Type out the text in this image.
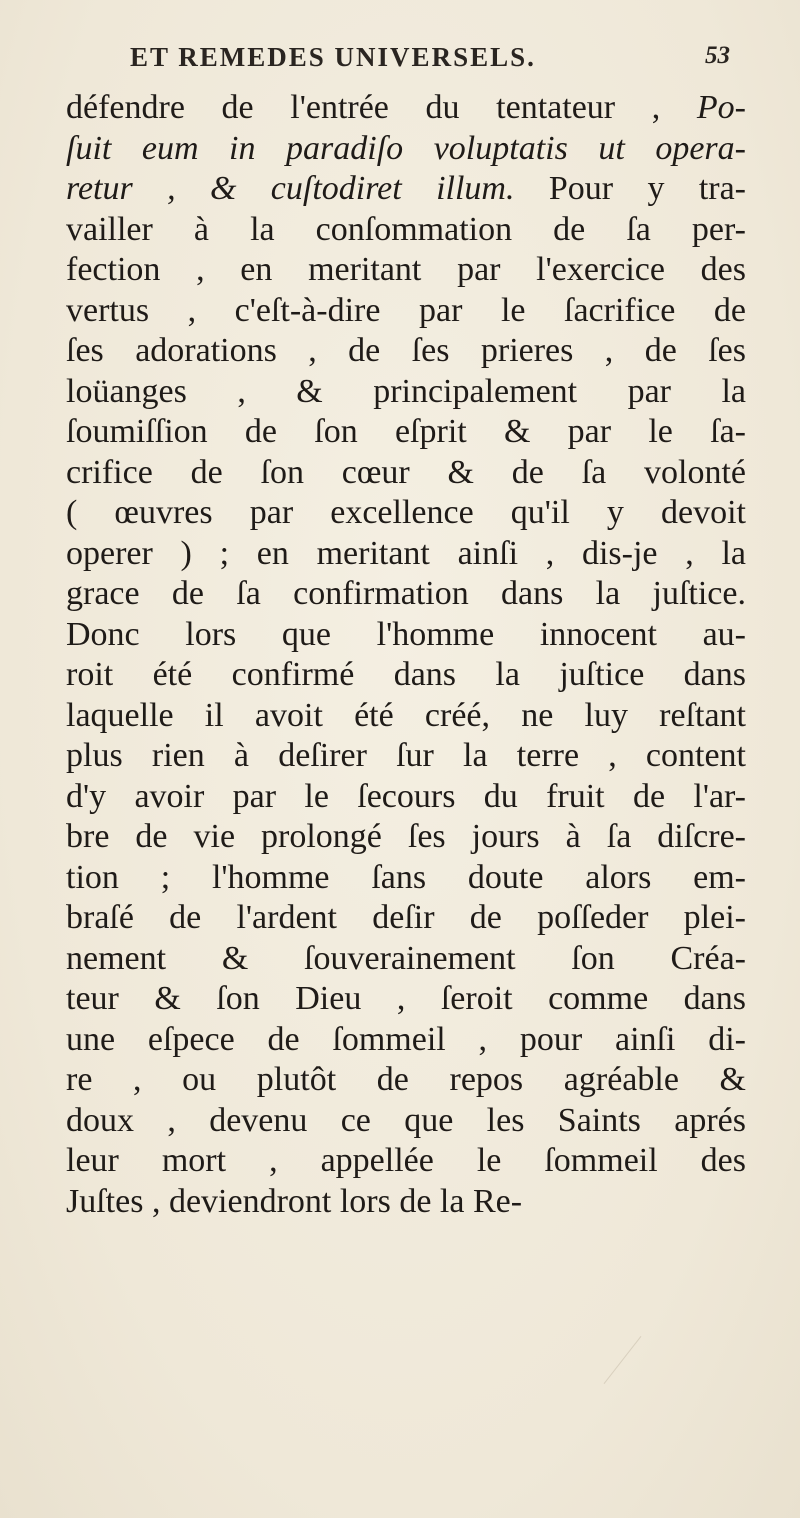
ET REMEDES UNIVERSELS.	53
défendre de l'entrée du tentateur , Po-
ſuit eum in paradiſo voluptatis ut opera-
retur , & cuſtodiret illum. Pour y tra-
vailler à la conſommation de ſa per-
fection , en meritant par l'exercice des
vertus , c'eſt-à-dire par le ſacrifice de
ſes adorations , de ſes prieres , de ſes
loüanges , & principalement par la
ſoumiſſion de ſon eſprit & par le ſa-
crifice de ſon cœur & de ſa volonté
( œuvres par excellence qu'il y devoit
operer ) ; en meritant ainſi , dis-je , la
grace de ſa confirmation dans la juſtice.
Donc lors que l'homme innocent au-
roit été confirmé dans la juſtice dans
laquelle il avoit été créé, ne luy reſtant
plus rien à deſirer ſur la terre , content
d'y avoir par le ſecours du fruit de l'ar-
bre de vie prolongé ſes jours à ſa diſcre-
tion ; l'homme ſans doute alors em-
braſé de l'ardent deſir de poſſeder plei-
nement & ſouverainement ſon Créa-
teur & ſon Dieu , ſeroit comme dans
une eſpece de ſommeil , pour ainſi di-
re , ou plutôt de repos agréable &
doux , devenu ce que les Saints aprés
leur mort , appellée le ſommeil des
Juſtes , deviendront lors de la Re-
